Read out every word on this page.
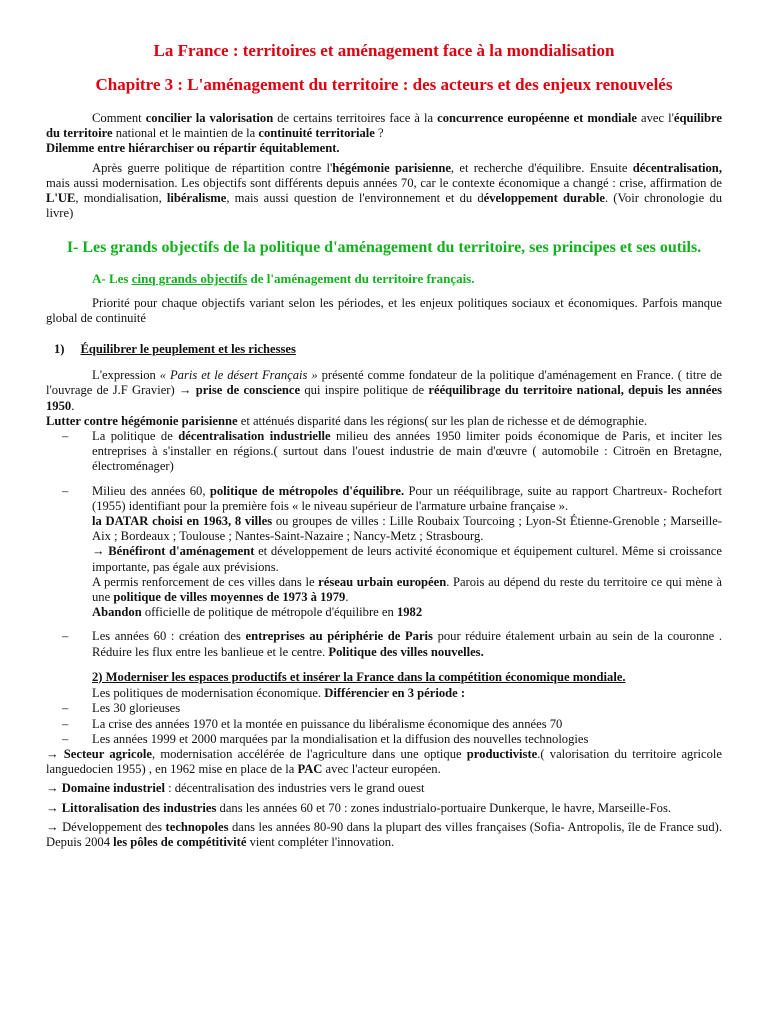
La France : territoires et aménagement face à la mondialisation
Chapitre 3 : L'aménagement du territoire : des acteurs et des enjeux renouvelés

Comment concilier la valorisation de certains territoires face à la concurrence européenne et mondiale avec l'équilibre du territoire national et le maintien de la continuité territoriale ?

Dilemme entre hiérarchiser ou répartir équitablement.

Après guerre politique de répartition contre l'hégémonie parisienne, et recherche d'équilibre. Ensuite décentralisation, mais aussi modernisation. Les objectifs sont différents depuis années 70, car le contexte économique a changé : crise, affirmation de L'UE, mondialisation, libéralisme, mais aussi question de l'environnement et du développement durable. (Voir chronologie du livre)

I- Les grands objectifs de la politique d'aménagement du territoire, ses principes et ses outils.
A- Les cinq grands objectifs de l'aménagement du territoire français.

Priorité pour chaque objectifs variant selon les périodes, et les enjeux politiques sociaux et économiques. Parfois manque global de continuité

1) Équilibrer le peuplement et les richesses

L'expression « Paris et le désert Français » présenté comme fondateur de la politique d'aménagement en France. ( titre de l'ouvrage de J.F Gravier) → prise de conscience qui inspire politique de rééquilibrage du territoire national, depuis les années 1950.

Lutter contre hégémonie parisienne et atténués disparité dans les régions( sur les plan de richesse et de démographie.

– La politique de décentralisation industrielle milieu des années 1950 limiter poids économique de Paris, et inciter les entreprises à s'installer en régions.( surtout dans l'ouest industrie de main d'œuvre ( automobile : Citroën en Bretagne, électroménager)
– Milieu des années 60, politique de métropoles d'équilibre. Pour un rééquilibrage, suite au rapport Chartreux- Rochefort (1955) identifiant pour la première fois « le niveau supérieur de l'armature urbaine française ».
la DATAR choisi en 1963, 8 villes ou groupes de villes : Lille Roubaix Tourcoing ; Lyon-St Étienne-Grenoble ; Marseille-Aix ; Bordeaux ; Toulouse ; Nantes-Saint-Nazaire ; Nancy-Metz ; Strasbourg.
→ Bénéfiront d'aménagement et développement de leurs activité économique et équipement culturel. Même si croissance importante, pas égale aux prévisions.
A permis renforcement de ces villes dans le réseau urbain européen. Parois au dépend du reste du territoire ce qui mène à une politique de villes moyennes de 1973 à 1979.
Abandon officielle de politique de métropole d'équilibre en 1982
– Les années 60 : création des entreprises au périphérie de Paris pour réduire étalement urbain au sein de la couronne . Réduire les flux entre les banlieue et le centre. Politique des villes nouvelles.
2) Moderniser les espaces productifs et insérer la France dans la compétition économique mondiale.
Les politiques de modernisation économique. Différencier en 3 période :
– Les 30 glorieuses
– La crise des années 1970 et la montée en puissance du libéralisme économique des années 70
– Les années 1999 et 2000 marquées par la mondialisation et la diffusion des nouvelles technologies

→ Secteur agricole, modernisation accélérée de l'agriculture dans une optique productiviste.( valorisation du territoire agricole languedocien 1955) , en 1962 mise en place de la PAC avec l'acteur européen.

→ Domaine industriel : décentralisation des industries vers le grand ouest

→ Littoralisation des industries dans les années 60 et 70 : zones industrialo-portuaire Dunkerque, le havre, Marseille-Fos.

→ Développement des technopoles dans les années 80-90 dans la plupart des villes françaises (Sofia- Antropolis, île de France sud). Depuis 2004 les pôles de compétitivité vient compléter l'innovation.
